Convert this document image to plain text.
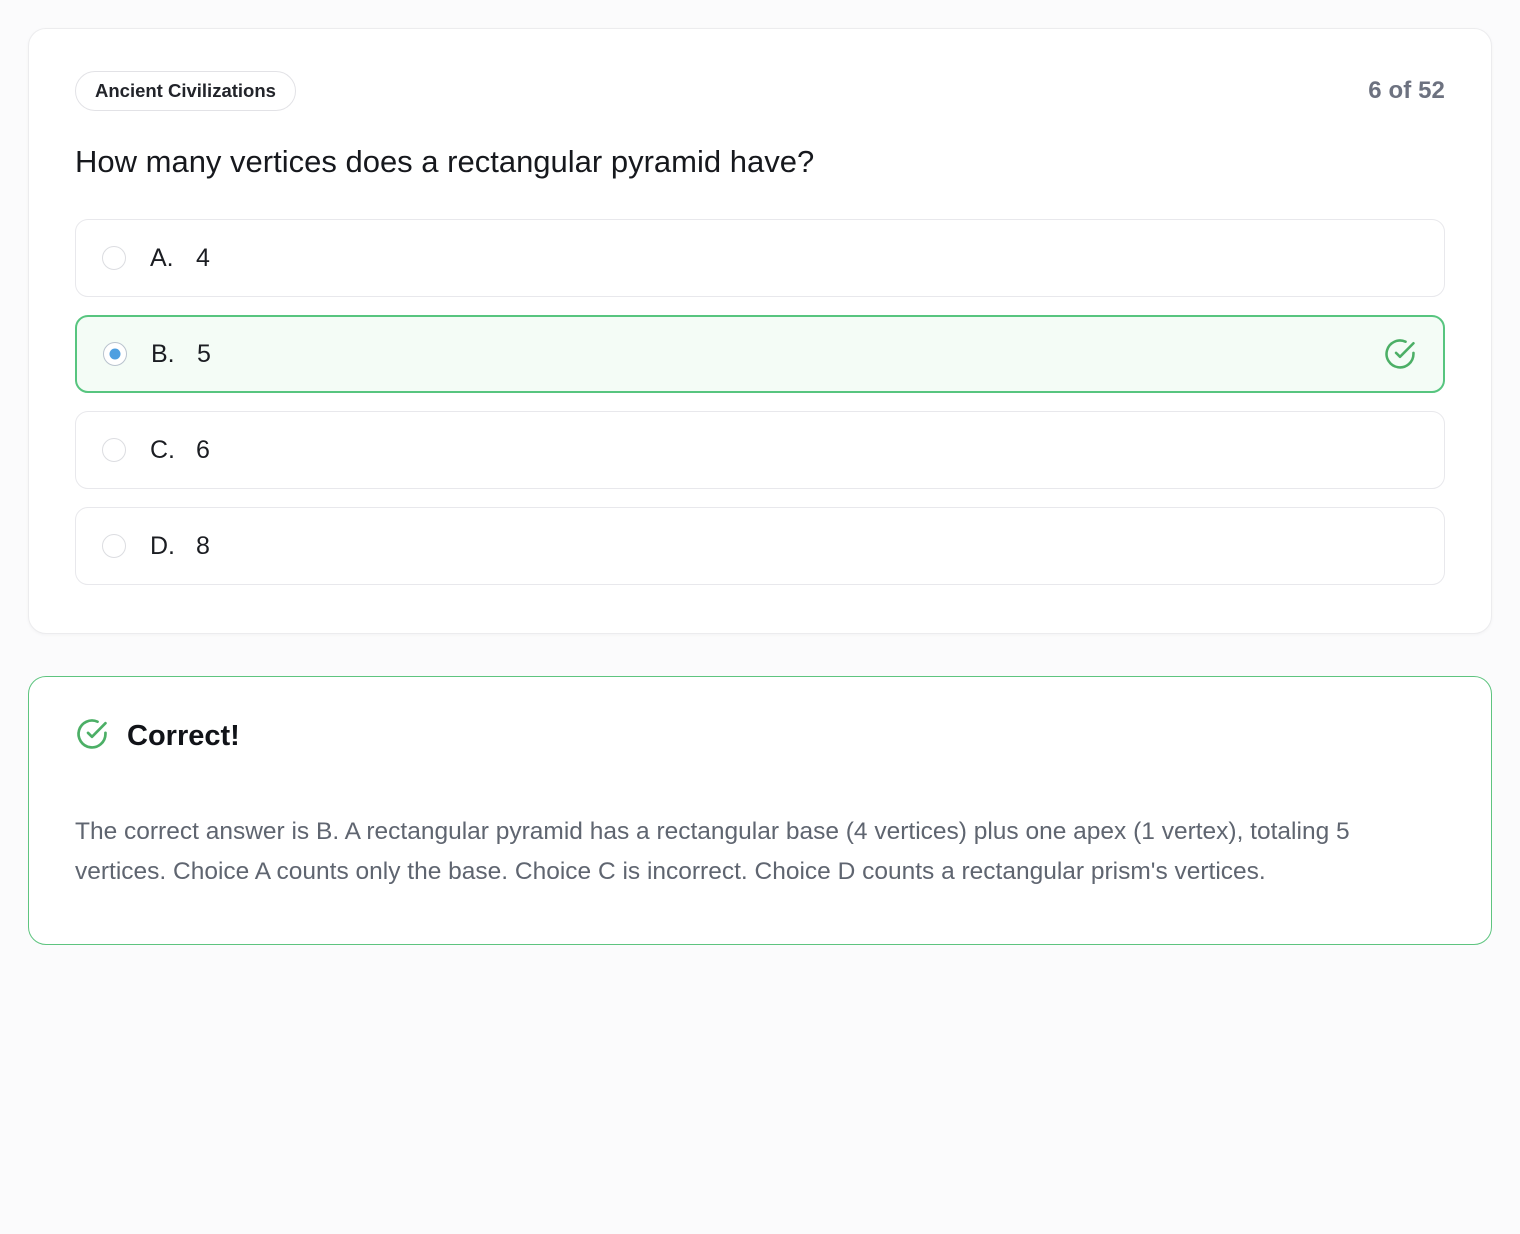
Ancient Civilizations	6 of 52

How many vertices does a rectangular pyramid have?

A. 4
B. 5
C. 6
D. 8
Correct!
The correct answer is B. A rectangular pyramid has a rectangular base (4 vertices) plus one apex (1 vertex), totaling 5 vertices. Choice A counts only the base. Choice C is incorrect. Choice D counts a rectangular prism's vertices.
